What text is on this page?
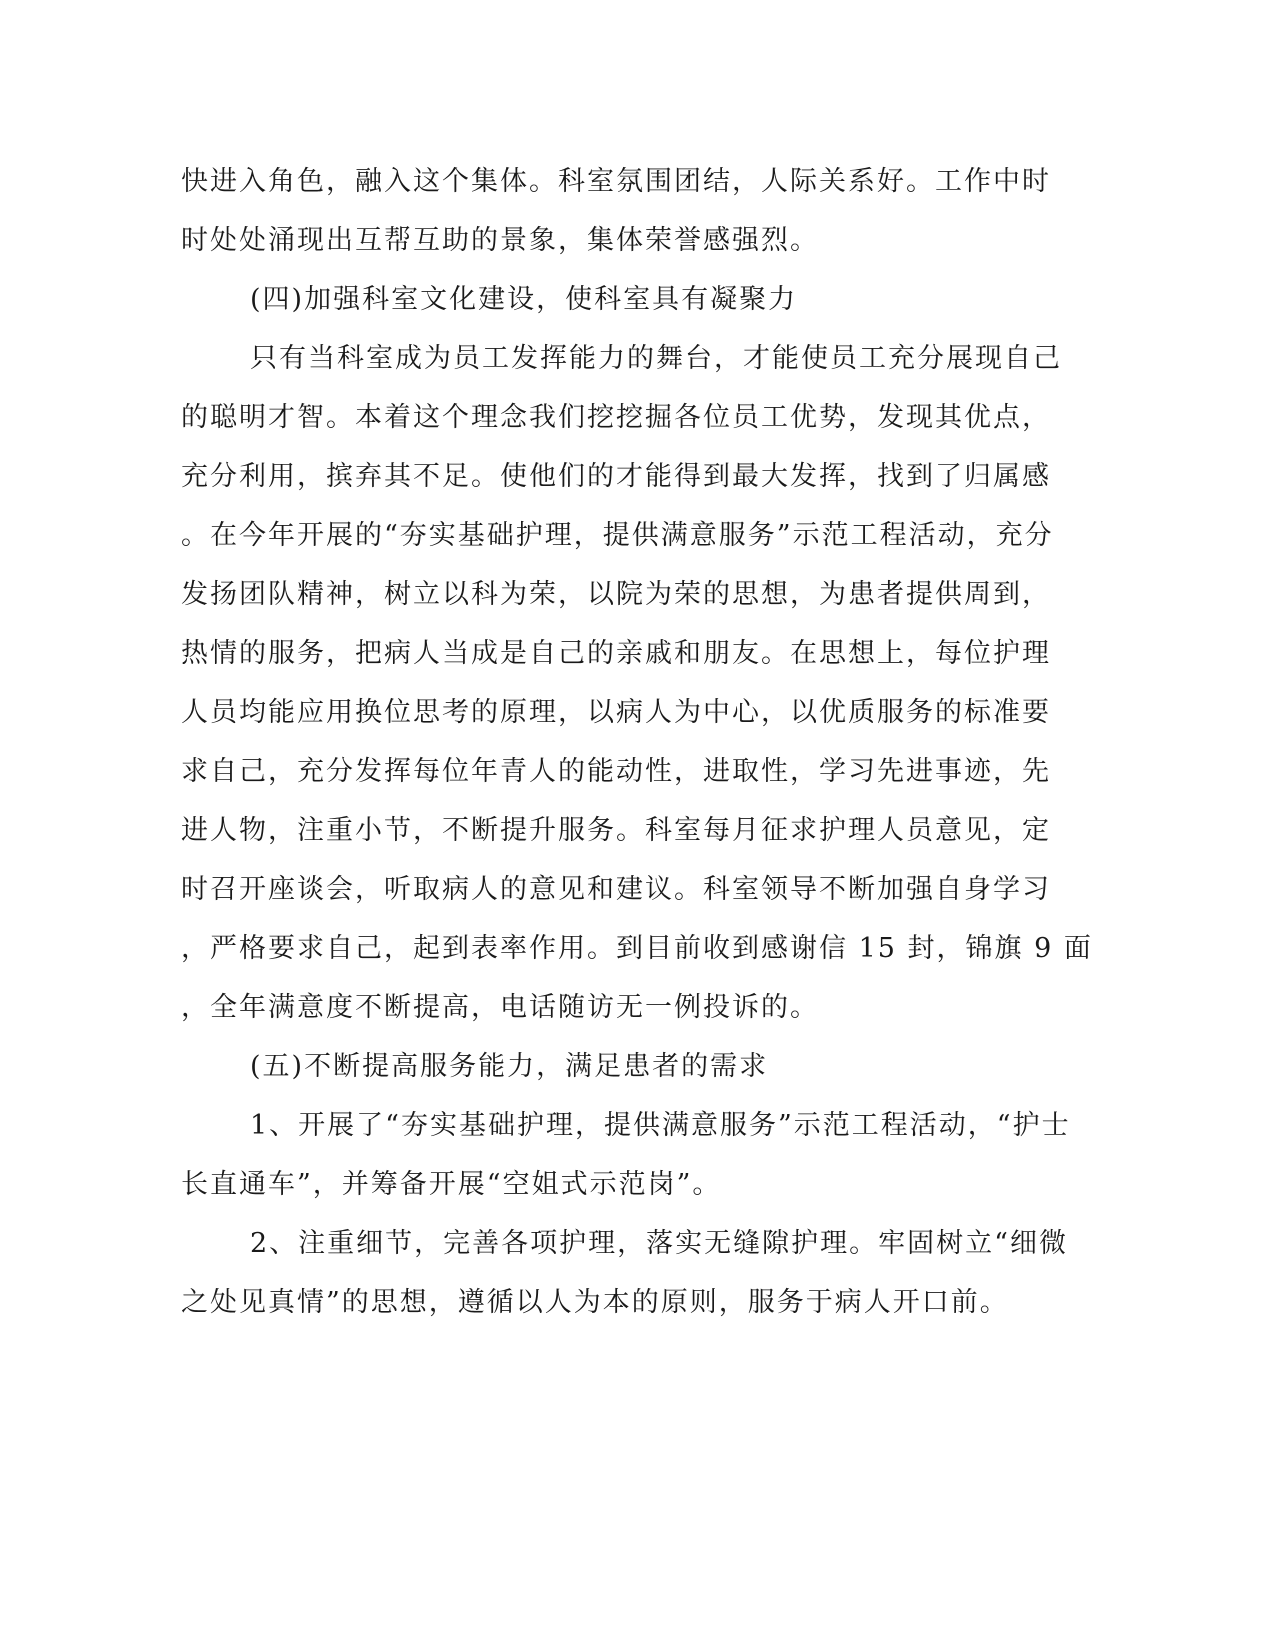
快进入角色，融入这个集体。科室氛围团结，人际关系好。工作中时
时处处涌现出互帮互助的景象，集体荣誉感强烈。
(四)加强科室文化建设，使科室具有凝聚力
只有当科室成为员工发挥能力的舞台，才能使员工充分展现自己
的聪明才智。本着这个理念我们挖挖掘各位员工优势，发现其优点，
充分利用，摈弃其不足。使他们的才能得到最大发挥，找到了归属感
。在今年开展的“夯实基础护理，提供满意服务”示范工程活动，充分
发扬团队精神，树立以科为荣，以院为荣的思想，为患者提供周到，
热情的服务，把病人当成是自己的亲戚和朋友。在思想上，每位护理
人员均能应用换位思考的原理，以病人为中心，以优质服务的标准要
求自己，充分发挥每位年青人的能动性，进取性，学习先进事迹，先
进人物，注重小节，不断提升服务。科室每月征求护理人员意见，定
时召开座谈会，听取病人的意见和建议。科室领导不断加强自身学习
，严格要求自己，起到表率作用。到目前收到感谢信 15 封，锦旗 9 面
，全年满意度不断提高，电话随访无一例投诉的。
(五)不断提高服务能力，满足患者的需求
1、开展了“夯实基础护理，提供满意服务”示范工程活动，“护士
长直通车”，并筹备开展“空姐式示范岗”。
2、注重细节，完善各项护理，落实无缝隙护理。牢固树立“细微
之处见真情”的思想，遵循以人为本的原则，服务于病人开口前。
